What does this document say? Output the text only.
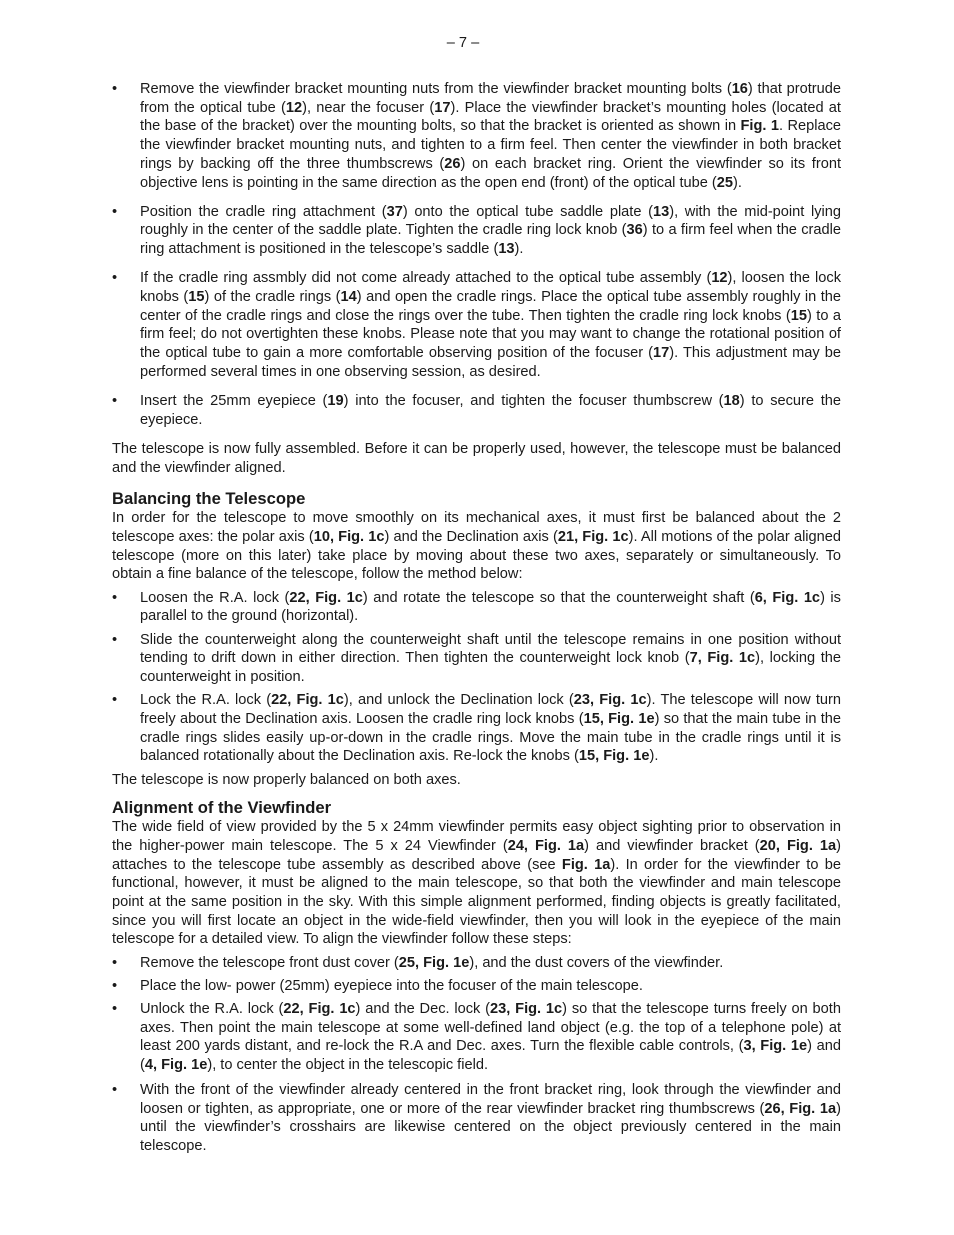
– 7 –
• Remove the viewfinder bracket mounting nuts from the viewfinder bracket mounting bolts (16) that protrude from the optical tube (12), near the focuser (17). Place the viewfinder bracket’s mounting holes (located at the base of the bracket) over the mounting bolts, so that the bracket is oriented as shown in Fig. 1. Replace the viewfinder bracket mounting nuts, and tighten to a firm feel. Then center the viewfinder in both bracket rings by backing off the three thumbscrews (26) on each bracket ring. Orient the viewfinder so its front objective lens is pointing in the same direction as the open end (front) of the optical tube (25).
• Position the cradle ring attachment (37) onto the optical tube saddle plate (13), with the mid-point lying roughly in the center of the saddle plate. Tighten the cradle ring lock knob (36) to a firm feel when the cradle ring attachment is positioned in the telescope’s saddle (13).
• If the cradle ring assmbly did not come already attached to the optical tube assembly (12), loosen the lock knobs (15) of the cradle rings (14) and open the cradle rings. Place the optical tube assembly roughly in the center of the cradle rings and close the rings over the tube. Then tighten the cradle ring lock knobs (15) to a firm feel; do not overtighten these knobs. Please note that you may want to change the rotational position of the optical tube to gain a more comfortable observing position of the focuser (17). This adjustment may be performed several times in one observing session, as desired.
• Insert the 25mm eyepiece (19) into the focuser, and tighten the focuser thumbscrew (18) to secure the eyepiece.

The telescope is now fully assembled. Before it can be properly used, however, the telescope must be balanced and the viewfinder aligned.

Balancing the Telescope

In order for the telescope to move smoothly on its mechanical axes, it must first be balanced about the 2 telescope axes: the polar axis (10, Fig. 1c) and the Declination axis (21, Fig. 1c). All motions of the polar aligned telescope (more on this later) take place by moving about these two axes, separately or simultaneously. To obtain a fine balance of the telescope, follow the method below:

• Loosen the R.A. lock (22, Fig. 1c) and rotate the telescope so that the counterweight shaft (6, Fig. 1c) is parallel to the ground (horizontal).
• Slide the counterweight along the counterweight shaft until the telescope remains in one position without tending to drift down in either direction. Then tighten the counterweight lock knob (7, Fig. 1c), locking the counterweight in position.
• Lock the R.A. lock (22, Fig. 1c), and unlock the Declination lock (23, Fig. 1c). The telescope will now turn freely about the Declination axis. Loosen the cradle ring lock knobs (15, Fig. 1e) so that the main tube in the cradle rings slides easily up-or-down in the cradle rings. Move the main tube in the cradle rings until it is balanced rotationally about the Declination axis. Re-lock the knobs (15, Fig. 1e).

The telescope is now properly balanced on both axes.

Alignment of the Viewfinder

The wide field of view provided by the 5 x 24mm viewfinder permits easy object sighting prior to observation in the higher-power main telescope. The 5 x 24 Viewfinder (24, Fig. 1a) and viewfinder bracket (20, Fig. 1a) attaches to the telescope tube assembly as described above (see Fig. 1a). In order for the viewfinder to be functional, however, it must be aligned to the main telescope, so that both the viewfinder and main telescope point at the same position in the sky. With this simple alignment performed, finding objects is greatly facilitated, since you will first locate an object in the wide-field viewfinder, then you will look in the eyepiece of the main telescope for a detailed view. To align the viewfinder follow these steps:

• Remove the telescope front dust cover (25, Fig. 1e), and the dust covers of the viewfinder.
• Place the low- power (25mm) eyepiece into the focuser of the main telescope.
• Unlock the R.A. lock (22, Fig. 1c) and the Dec. lock (23, Fig. 1c) so that the telescope turns freely on both axes. Then point the main telescope at some well-defined land object (e.g. the top of a telephone pole) at least 200 yards distant, and re-lock the R.A and Dec. axes. Turn the flexible cable controls, (3, Fig. 1e) and (4, Fig. 1e), to center the object in the telescopic field.
• With the front of the viewfinder already centered in the front bracket ring, look through the viewfinder and loosen or tighten, as appropriate, one or more of the rear viewfinder bracket ring thumbscrews (26, Fig. 1a) until the viewfinder’s crosshairs are likewise centered on the object previously centered in the main telescope.
